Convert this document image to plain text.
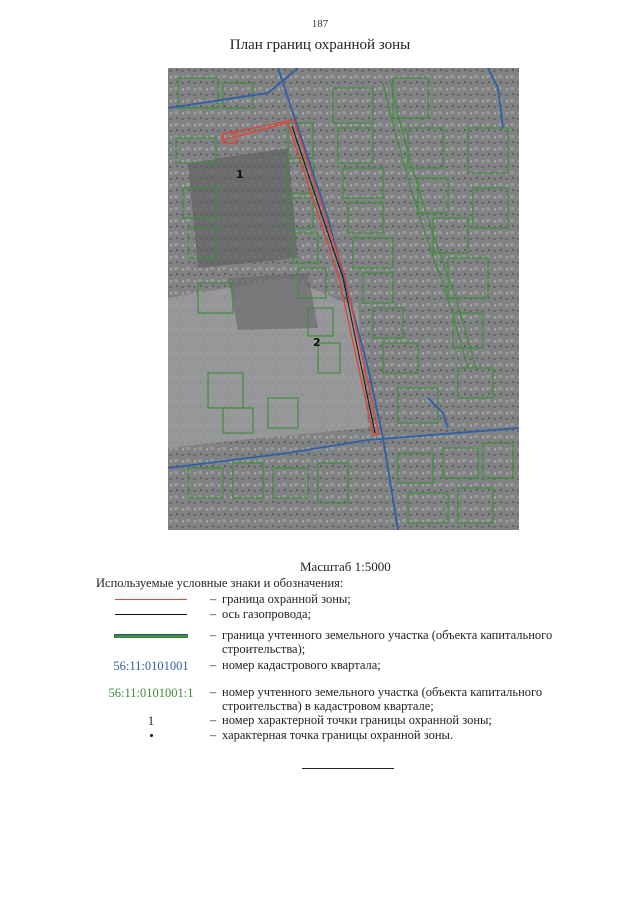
187
План границ охранной зоны
1
2
Масштаб 1:5000
Используемые условные знаки и обозначения:
– граница охранной зоны;
– ось газопровода;
– граница учтенного земельного участка (объекта капитального строительства);
56:11:0101001	– номер кадастрового квартала;
56:11:0101001:1	– номер учтенного земельного участка (объекта капитального строительства) в кадастровом квартале;
1	– номер характерной точки границы охранной зоны;
– характерная точка границы охранной зоны.
